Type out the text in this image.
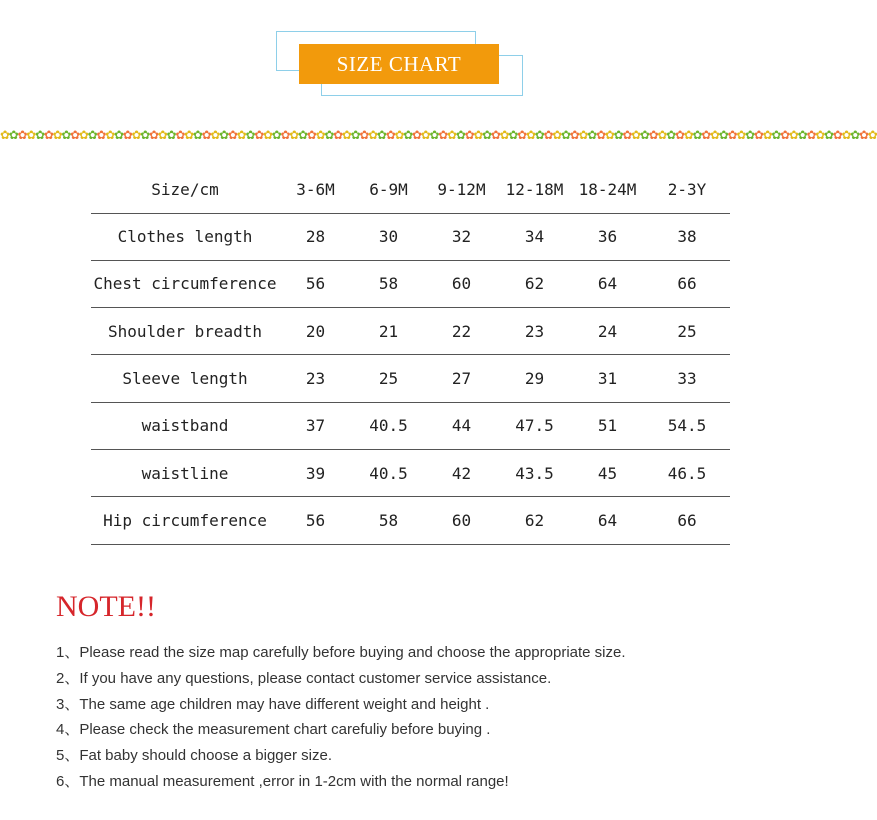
SIZE CHART
✿✿✿✿✿✿✿✿✿✿✿✿✿✿✿✿✿✿✿✿✿✿✿✿✿✿✿✿✿✿✿✿✿✿✿✿✿✿✿✿✿✿✿✿✿✿✿✿✿✿✿✿✿✿✿✿✿✿✿✿✿✿✿✿✿✿✿✿✿✿✿✿✿✿✿✿✿✿✿✿✿✿✿✿✿✿✿✿✿✿✿✿✿✿✿✿✿✿✿✿
Size/cm	3-6M	6-9M	9-12M	12-18M	18-24M	2-3Y
Clothes length	28	30	32	34	36	38
Chest circumference	56	58	60	62	64	66
Shoulder breadth	20	21	22	23	24	25
Sleeve length	23	25	27	29	31	33
waistband	37	40.5	44	47.5	51	54.5
waistline	39	40.5	42	43.5	45	46.5
Hip circumference	56	58	60	62	64	66
NOTE!!
1、Please read the size map carefully before buying and choose the appropriate size.
2、If you have any questions, please contact customer service assistance.
3、The same age children may have different weight and height .
4、Please check the measurement chart carefuliy before buying .
5、Fat baby should choose a bigger size.
6、The manual measurement ,error in 1-2cm with the normal range!
